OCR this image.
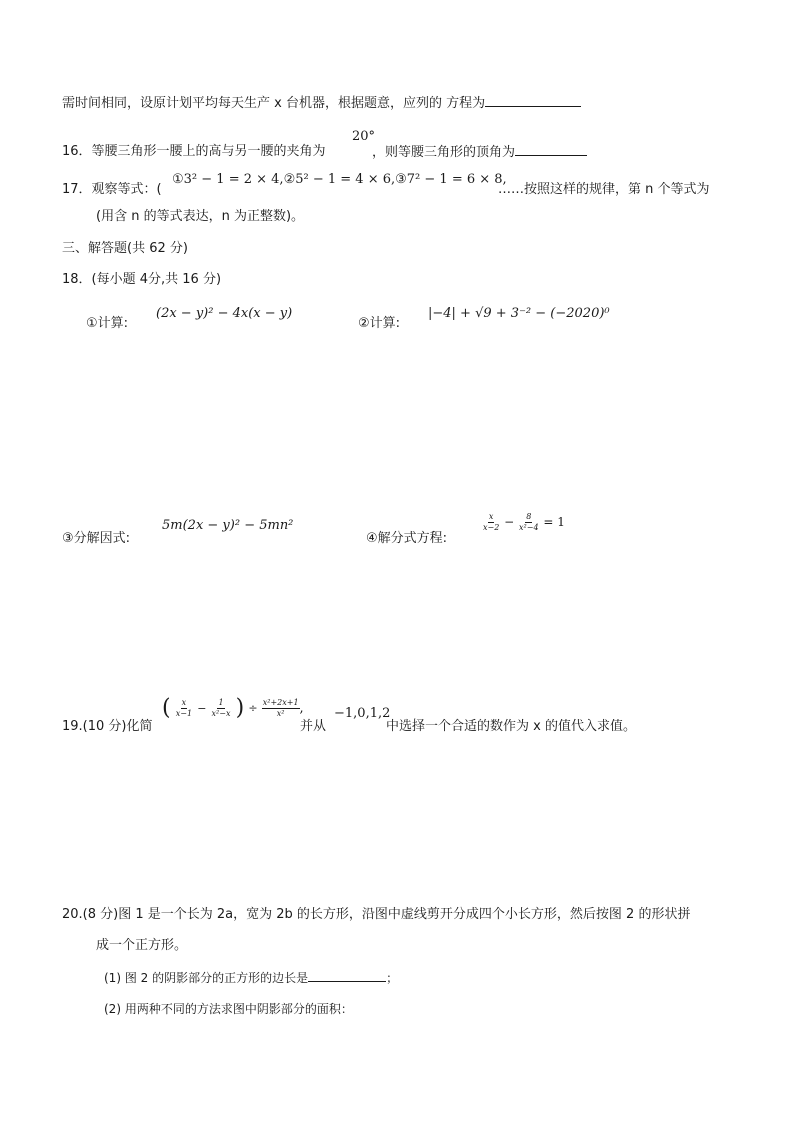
需时间相同，设原计划平均每天生产 x 台机器，根据题意，应列的 方程为
16．等腰三角形一腰上的高与另一腰的夹角为
20°
，则等腰三角形的顶角为
17．观察等式：(
①3² − 1 = 2 × 4,②5² − 1 = 4 × 6,③7² − 1 = 6 × 8,
……按照这样的规律，第 n 个等式为
(用含 n 的等式表达，n 为正整数)。
三、解答题(共 62 分)
18．(每小题 4分,共 16 分)
①计算:
(2x − y)² − 4x(x − y)
②计算:
|−4| + √9 + 3⁻² − (−2020)⁰
③分解因式:
5m(2x − y)² − 5mn²
④解分式方程:
$\frac{x}{x-2} - \frac{8}{\text{x²−4}} = 1$
19.(10 分)化简
( $\frac{x}{x-1} - \frac{1}{\text{x²−x}}$ ) ÷ $\frac{\text{x²+2x+1}}{\text{x²}}$ ,
并从
−1,0,1,2
中选择一个合适的数作为 x 的值代入求值。
20.(8 分)图 1 是一个长为 2a，宽为 2b 的长方形，沿图中虚线剪开分成四个小长方形，然后按图 2 的形状拼
成一个正方形。
(1) 图 2 的阴影部分的正方形的边长是	；
(2) 用两种不同的方法求图中阴影部分的面积：
